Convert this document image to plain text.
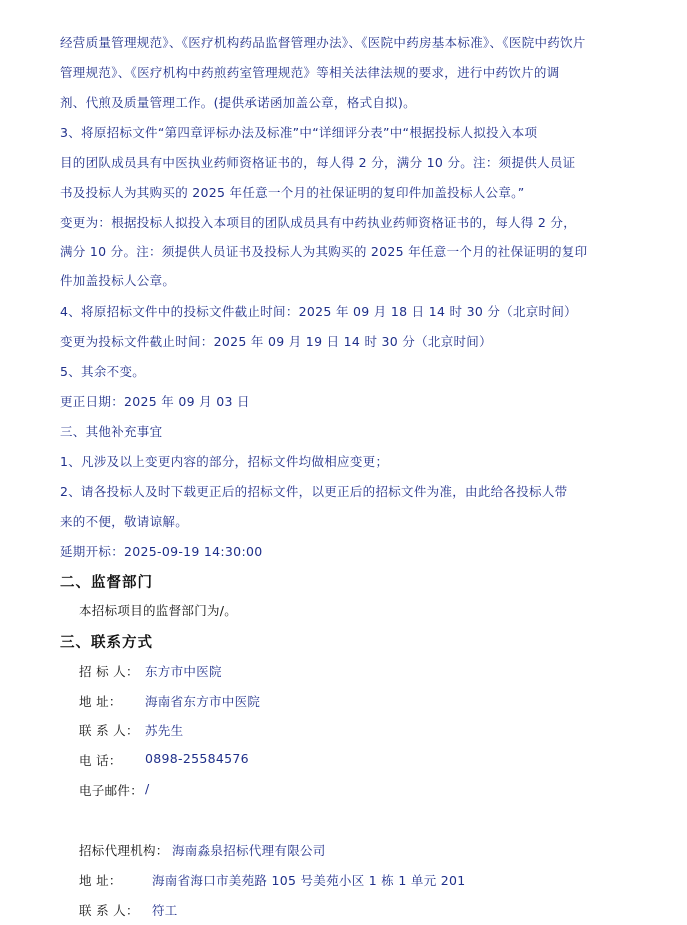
经营质量管理规范》、《医疗机构药品监督管理办法》、《医院中药房基本标准》、《医院中药饮片
管理规范》、《医疗机构中药煎药室管理规范》等相关法律法规的要求，进行中药饮片的调
剂、代煎及质量管理工作。(提供承诺函加盖公章，格式自拟)。
3、将原招标文件“第四章评标办法及标准”中“详细评分表”中“根据投标人拟投入本项
目的团队成员具有中医执业药师资格证书的，每人得 2 分，满分 10 分。注：须提供人员证
书及投标人为其购买的 2025 年任意一个月的社保证明的复印件加盖投标人公章。”
变更为：根据投标人拟投入本项目的团队成员具有中药执业药师资格证书的，每人得 2 分，
满分 10 分。注：须提供人员证书及投标人为其购买的 2025 年任意一个月的社保证明的复印
件加盖投标人公章。
4、将原招标文件中的投标文件截止时间：2025 年 09 月 18 日 14 时 30 分（北京时间）
变更为投标文件截止时间：2025 年 09 月 19 日 14 时 30 分（北京时间）
5、其余不变。
更正日期：2025 年 09 月 03 日
三、其他补充事宜
1、凡涉及以上变更内容的部分，招标文件均做相应变更；
2、请各投标人及时下载更正后的招标文件，以更正后的招标文件为准，由此给各投标人带
来的不便，敬请谅解。
延期开标：2025-09-19 14:30:00
二、监督部门
本招标项目的监督部门为/。
三、联系方式
招 标 人： 东方市中医院
地 址： 海南省东方市中医院
联 系 人： 苏先生
电 话： 0898-25584576
电子邮件： /
招标代理机构： 海南淼泉招标代理有限公司
地 址： 海南省海口市美苑路 105 号美苑小区 1 栋 1 单元 201
联 系 人： 符工
